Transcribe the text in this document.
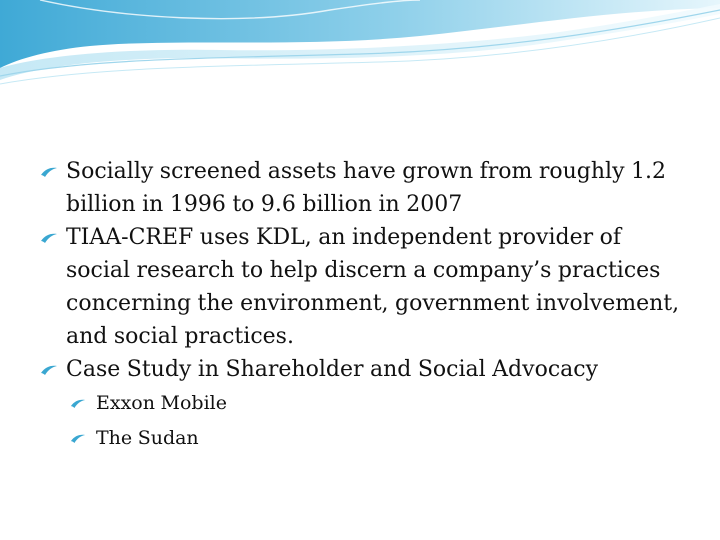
Socially screened assets have grown from roughly 1.2 billion in 1996 to 9.6 billion in 2007
TIAA-CREF uses KDL, an independent provider of social research to help discern a company’s practices concerning the environment, government involvement, and social practices.
Case Study in Shareholder and Social Advocacy
Exxon Mobile
The Sudan
